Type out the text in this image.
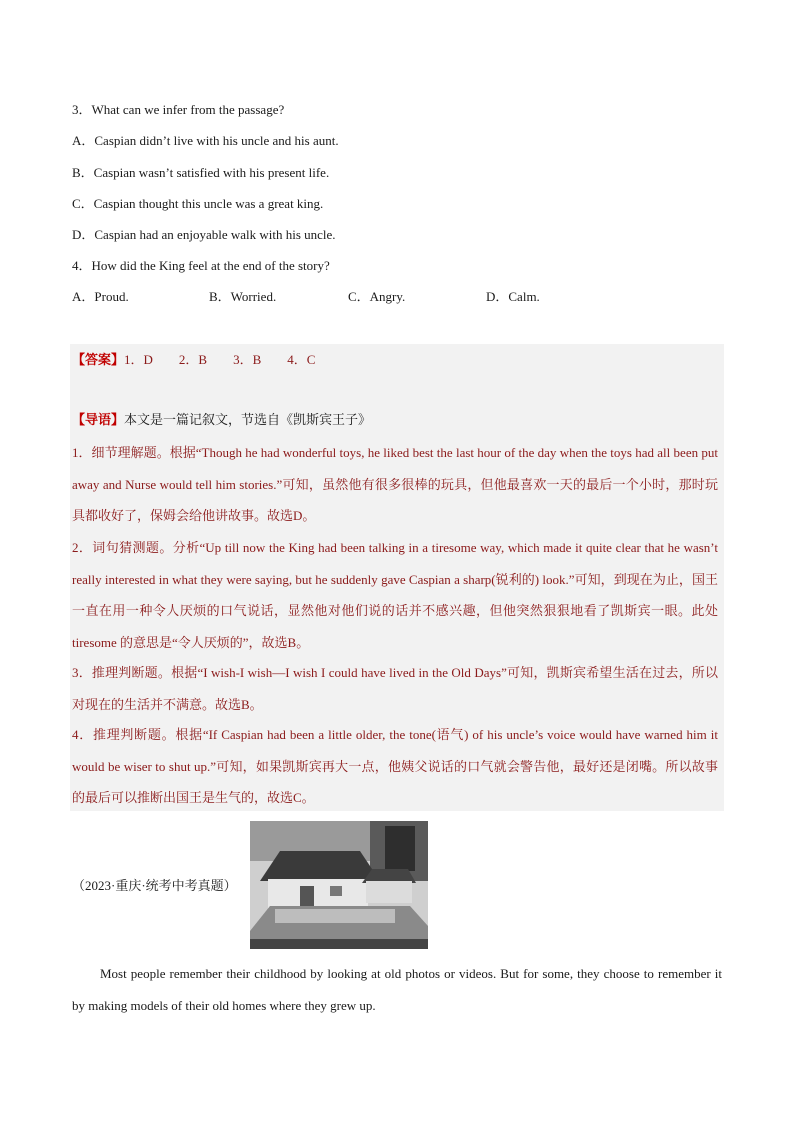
3．What can we infer from the passage?
A．Caspian didn’t live with his uncle and his aunt.
B．Caspian wasn’t satisfied with his present life.
C．Caspian thought this uncle was a great king.
D．Caspian had an enjoyable walk with his uncle.
4．How did the King feel at the end of the story?
A．Proud.	B．Worried.	C．Angry.	D．Calm.
【答案】1．D 2．B 3．B 4．C
【导语】本文是一篇记叙文，节选自《凯斯宾王子》
1．细节理解题。根据“Though he had wonderful toys, he liked best the last hour of the day when the toys had all been put away and Nurse would tell him stories.”可知，虽然他有很多很棒的玩具，但他最喜欢一天的最后一个小时，那时玩具都收好了，保姆会给他讲故事。故选D。
2．词句猜测题。分析“Up till now the King had been talking in a tiresome way, which made it quite clear that he wasn’t really interested in what they were saying, but he suddenly gave Caspian a sharp(锐利的) look.”可知，到现在为止，国王一直在用一种令人厌烦的口气说话，显然他对他们说的话并不感兴趣，但他突然狠狠地看了凯斯宾一眼。此处 tiresome 的意思是“令人厌烦的”，故选B。
3．推理判断题。根据“I wish-I wish—I wish I could have lived in the Old Days”可知，凯斯宾希望生活在过去，所以对现在的生活并不满意。故选B。
4．推理判断题。根据“If Caspian had been a little older, the tone(语气) of his uncle’s voice would have warned him it would be wiser to shut up.”可知，如果凯斯宾再大一点，他姨父说话的口气就会警告他，最好还是闭嘴。所以故事的最后可以推断出国王是生气的，故选C。
（2023·重庆·统考中考真题）
Most people remember their childhood by looking at old photos or videos. But for some, they choose to remember it by making models of their old homes where they grew up.
